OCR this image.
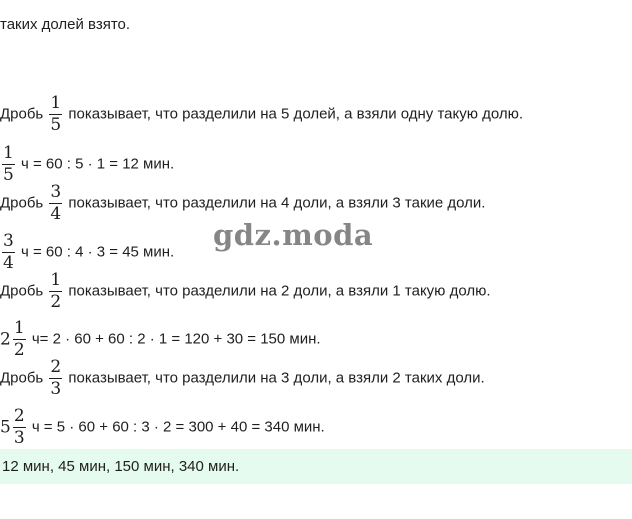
таких долей взято.
Дробь $\frac{1}{5}$ показывает, что разделили на 5 долей, а взяли одну такую долю.
$\frac{1}{5}$ ч = 60 : 5 · 1 = 12 мин.
Дробь $\frac{3}{4}$ показывает, что разделили на 4 доли, а взяли 3 такие доли.
$\frac{3}{4}$ ч = 60 : 4 · 3 = 45 мин.
Дробь $\frac{1}{2}$ показывает, что разделили на 2 доли, а взяли 1 такую долю.
$2 \frac{1}{2} ч= 2 \cdot 60 + 60$ : 2 · 1 = 120 + 30 = 150 мин.
Дробь $\frac{2}{3}$ показывает, что разделили на 3 доли, а взяли 2 таких доли.
$5 \frac{2}{3}$ ч = 5 · 60 + 60 : 3 · 2 = 300 + 40 = 340 мин.
12 мин, 45 мин, 150 мин, 340 мин.
gdz.moda
